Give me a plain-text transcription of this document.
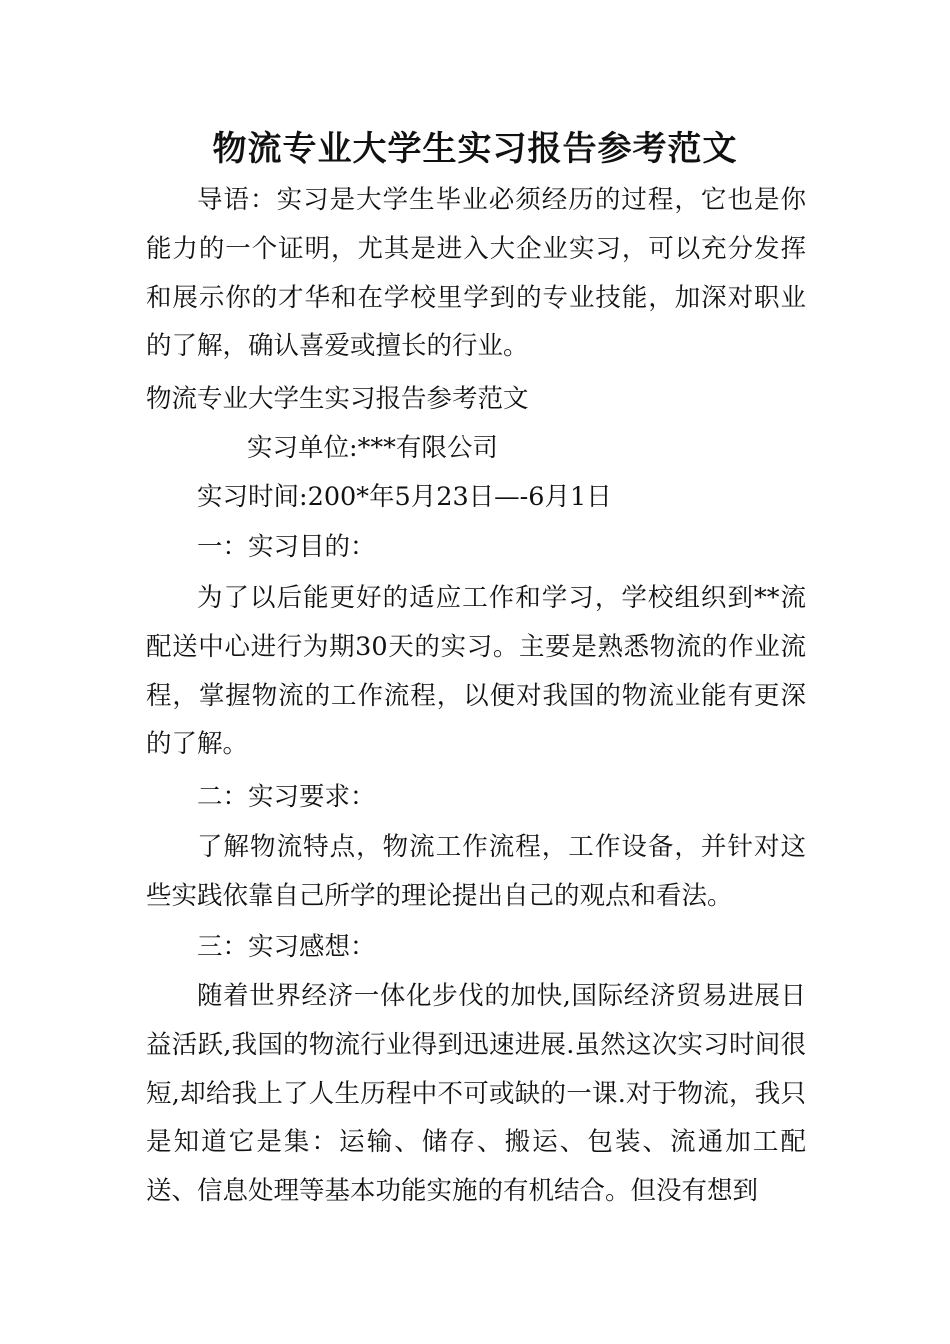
物流专业大学生实习报告参考范文

导语：实习是大学生毕业必须经历的过程，它也是你能力的一个证明，尤其是进入大企业实习，可以充分发挥和展示你的才华和在学校里学到的专业技能，加深对职业的了解，确认喜爱或擅长的行业。

物流专业大学生实习报告参考范文

实习单位:***有限公司

实习时间:200*年5月23日—-6月1日

一：实习目的：

为了以后能更好的适应工作和学习，学校组织到**流配送中心进行为期30天的实习。主要是熟悉物流的作业流程，掌握物流的工作流程，以便对我国的物流业能有更深的了解。

二：实习要求：

了解物流特点，物流工作流程，工作设备，并针对这些实践依靠自己所学的理论提出自己的观点和看法。

三：实习感想：

随着世界经济一体化步伐的加快,国际经济贸易进展日益活跃,我国的物流行业得到迅速进展.虽然这次实习时间很短,却给我上了人生历程中不可或缺的一课.对于物流，我只是知道它是集：运输、储存、搬运、包装、流通加工配送、信息处理等基本功能实施的有机结合。但没有想到
